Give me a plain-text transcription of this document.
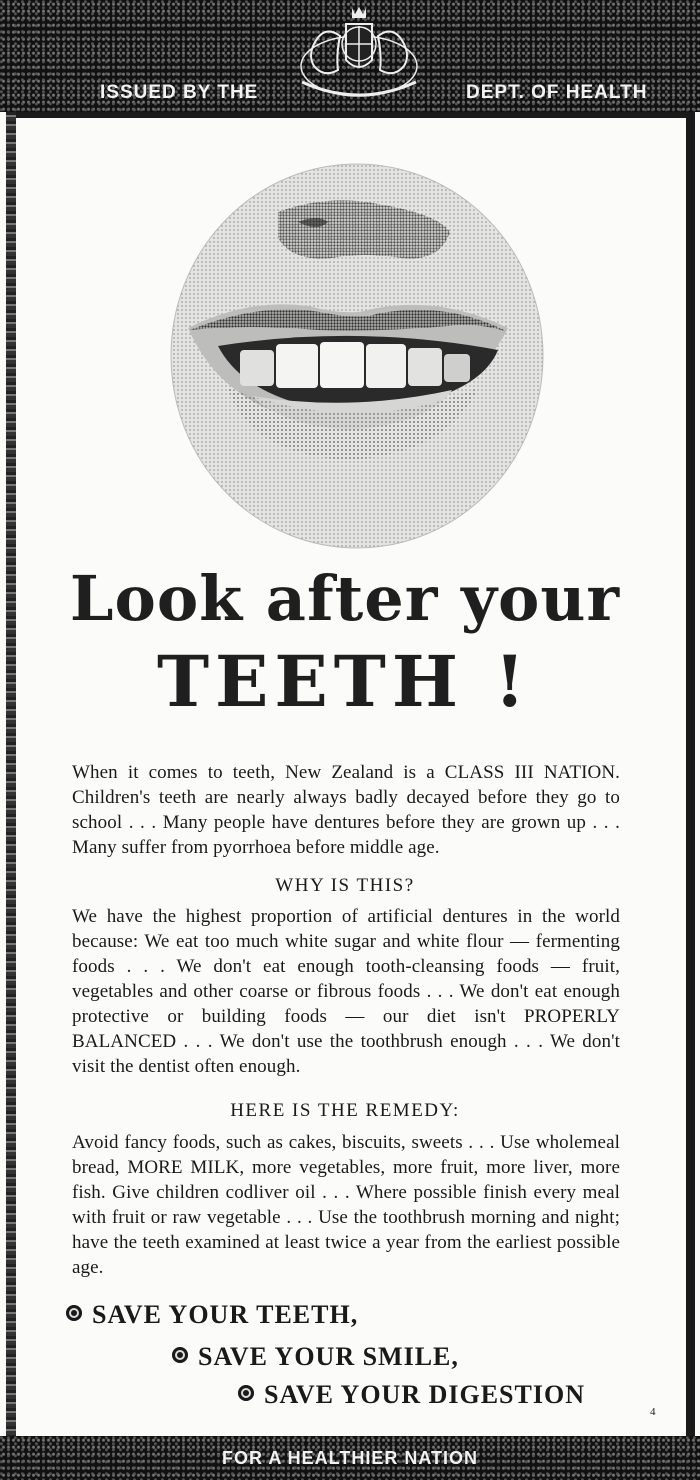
ISSUED BY THE	DEPT. OF HEALTH
Look after your
TEETH !
When it comes to teeth, New Zealand is a CLASS III NATION. Children's teeth are nearly always badly decayed before they go to school . . . Many people have dentures before they are grown up . . . Many suffer from pyorrhoea before middle age.
WHY IS THIS?
We have the highest proportion of artificial dentures in the world because: We eat too much white sugar and white flour — fermenting foods . . . We don't eat enough tooth-cleansing foods — fruit, vegetables and other coarse or fibrous foods . . . We don't eat enough protective or building foods — our diet isn't PROPERLY BALANCED . . . We don't use the toothbrush enough . . . We don't visit the dentist often enough.
HERE IS THE REMEDY:
Avoid fancy foods, such as cakes, biscuits, sweets . . . Use wholemeal bread, MORE MILK, more vegetables, more fruit, more liver, more fish. Give children codliver oil . . . Where possible finish every meal with fruit or raw vegetable . . . Use the toothbrush morning and night; have the teeth examined at least twice a year from the earliest possible age.
SAVE YOUR TEETH,
SAVE YOUR SMILE,
SAVE YOUR DIGESTION
4
FOR A HEALTHIER NATION
